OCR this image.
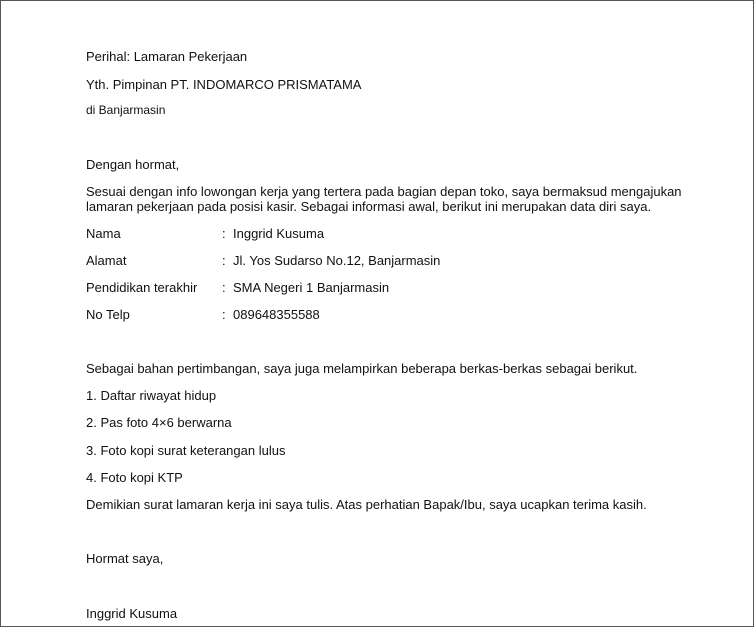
Perihal: Lamaran Pekerjaan
Yth. Pimpinan PT. INDOMARCO PRISMATAMA
di Banjarmasin
Dengan hormat,
Sesuai dengan info lowongan kerja yang tertera pada bagian depan toko, saya bermaksud mengajukan
lamaran pekerjaan pada posisi kasir. Sebagai informasi awal, berikut ini merupakan data diri saya.
Nama	: Inggrid Kusuma
Alamat	: Jl. Yos Sudarso No.12, Banjarmasin
Pendidikan terakhir : SMA Negeri 1 Banjarmasin
No Telp	: 089648355588
Sebagai bahan pertimbangan, saya juga melampirkan beberapa berkas-berkas sebagai berikut.
1. Daftar riwayat hidup
2. Pas foto 4×6 berwarna
3. Foto kopi surat keterangan lulus
4. Foto kopi KTP
Demikian surat lamaran kerja ini saya tulis. Atas perhatian Bapak/Ibu, saya ucapkan terima kasih.
Hormat saya,
Inggrid Kusuma
